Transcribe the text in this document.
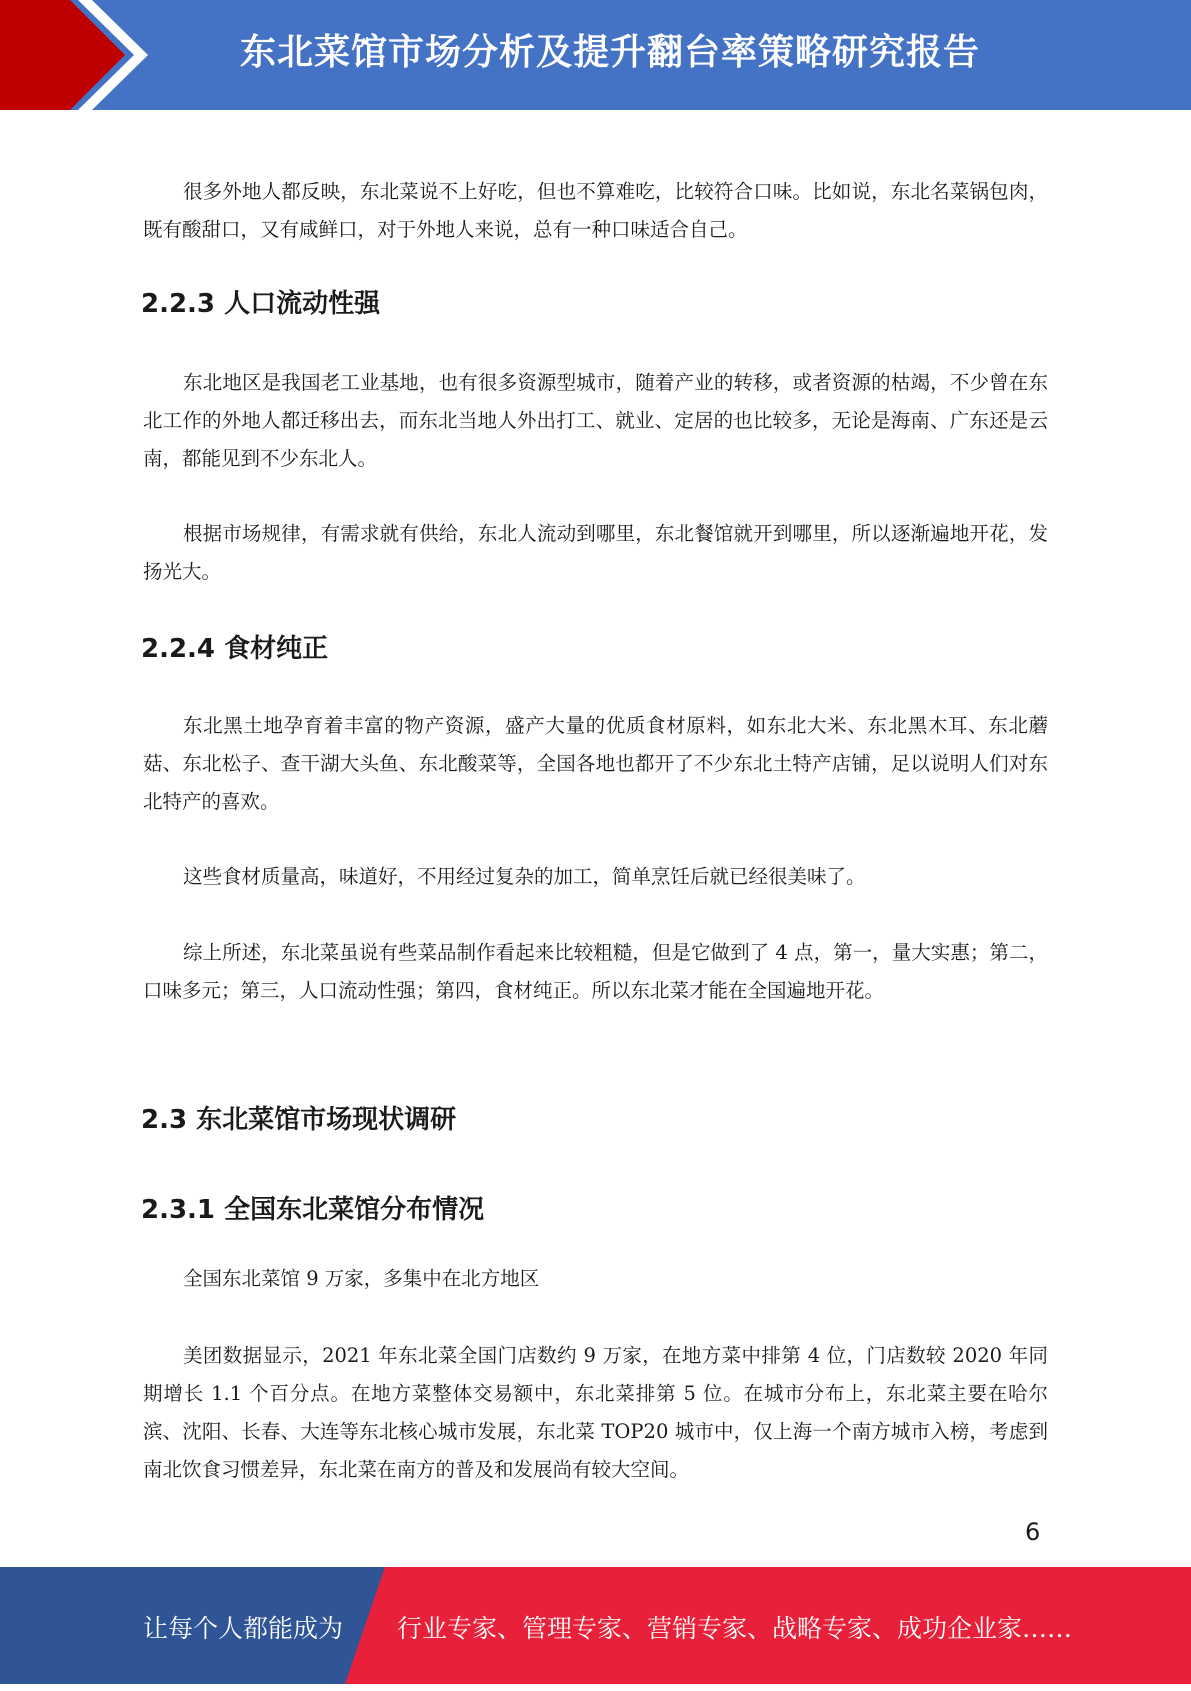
东北菜馆市场分析及提升翻台率策略研究报告

很多外地人都反映，东北菜说不上好吃，但也不算难吃，比较符合口味。比如说，东北名菜锅包肉，既有酸甜口，又有咸鲜口，对于外地人来说，总有一种口味适合自己。

2.2.3 人口流动性强

东北地区是我国老工业基地，也有很多资源型城市，随着产业的转移，或者资源的枯竭，不少曾在东北工作的外地人都迁移出去，而东北当地人外出打工、就业、定居的也比较多，无论是海南、广东还是云南，都能见到不少东北人。

根据市场规律，有需求就有供给，东北人流动到哪里，东北餐馆就开到哪里，所以逐渐遍地开花，发扬光大。

2.2.4 食材纯正

东北黑土地孕育着丰富的物产资源，盛产大量的优质食材原料，如东北大米、东北黑木耳、东北蘑菇、东北松子、查干湖大头鱼、东北酸菜等，全国各地也都开了不少东北土特产店铺，足以说明人们对东北特产的喜欢。

这些食材质量高，味道好，不用经过复杂的加工，简单烹饪后就已经很美味了。

综上所述，东北菜虽说有些菜品制作看起来比较粗糙，但是它做到了 4 点，第一，量大实惠；第二，口味多元；第三，人口流动性强；第四，食材纯正。所以东北菜才能在全国遍地开花。

2.3 东北菜馆市场现状调研
2.3.1 全国东北菜馆分布情况

全国东北菜馆 9 万家，多集中在北方地区

美团数据显示，2021 年东北菜全国门店数约 9 万家，在地方菜中排第 4 位，门店数较 2020 年同期增长 1.1 个百分点。在地方菜整体交易额中，东北菜排第 5 位。在城市分布上，东北菜主要在哈尔滨、沈阳、长春、大连等东北核心城市发展，东北菜 TOP20 城市中，仅上海一个南方城市入榜，考虑到南北饮食习惯差异，东北菜在南方的普及和发展尚有较大空间。

6
让每个人都能成为 行业专家、管理专家、营销专家、战略专家、成功企业家……
